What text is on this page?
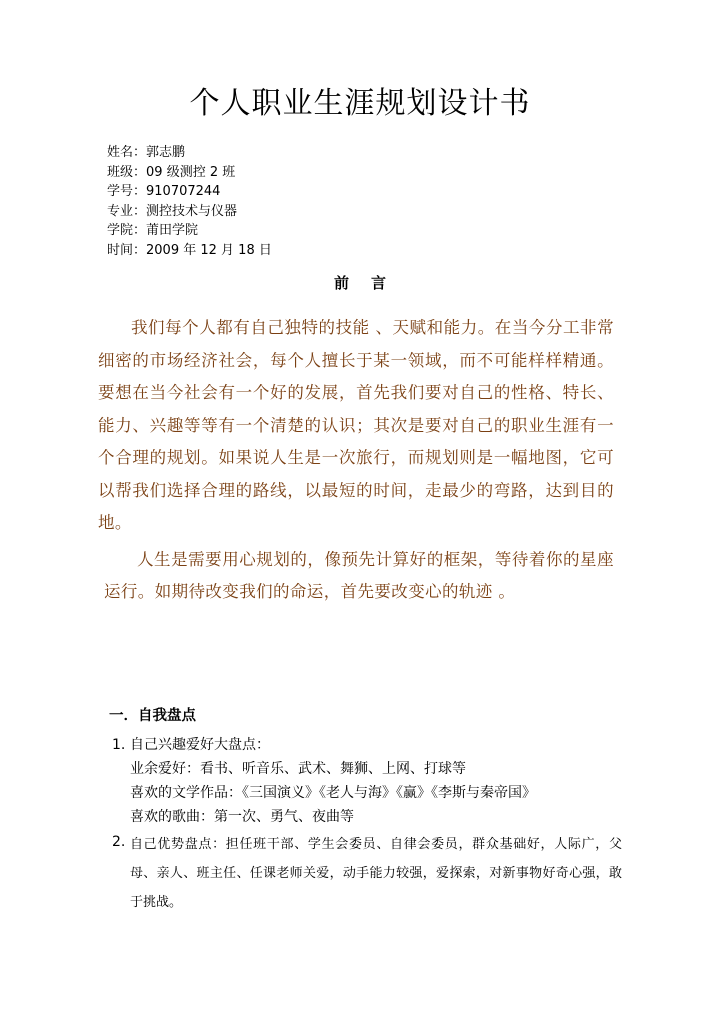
个人职业生涯规划设计书
姓名：郭志鹏
班级：09 级测控 2 班
学号：910707244
专业：测控技术与仪器
学院：莆田学院
时间：2009 年 12 月 18 日
前言

我们每个人都有自己独特的技能 、天赋和能力。在当今分工非常细密的市场经济社会，每个人擅长于某一领域，而不可能样样精通。要想在当今社会有一个好的发展，首先我们要对自己的性格、特长、能力、兴趣等等有一个清楚的认识；其次是要对自己的职业生涯有一个合理的规划。如果说人生是一次旅行，而规划则是一幅地图，它可以帮我们选择合理的路线，以最短的时间，走最少的弯路，达到目的地。

人生是需要用心规划的，像预先计算好的框架，等待着你的星座运行。如期待改变我们的命运，首先要改变心的轨迹 。

一．自我盘点
1. 自己兴趣爱好大盘点：
业余爱好：看书、听音乐、武术、舞狮、上网、打球等
喜欢的文学作品：《三国演义》《老人与海》《赢》《李斯与秦帝国》
喜欢的歌曲：第一次、勇气、夜曲等
2. 自己优势盘点：担任班干部、学生会委员、自律会委员，群众基础好，人际广，父母、亲人、班主任、任课老师关爱，动手能力较强，爱探索，对新事物好奇心强，敢于挑战。
